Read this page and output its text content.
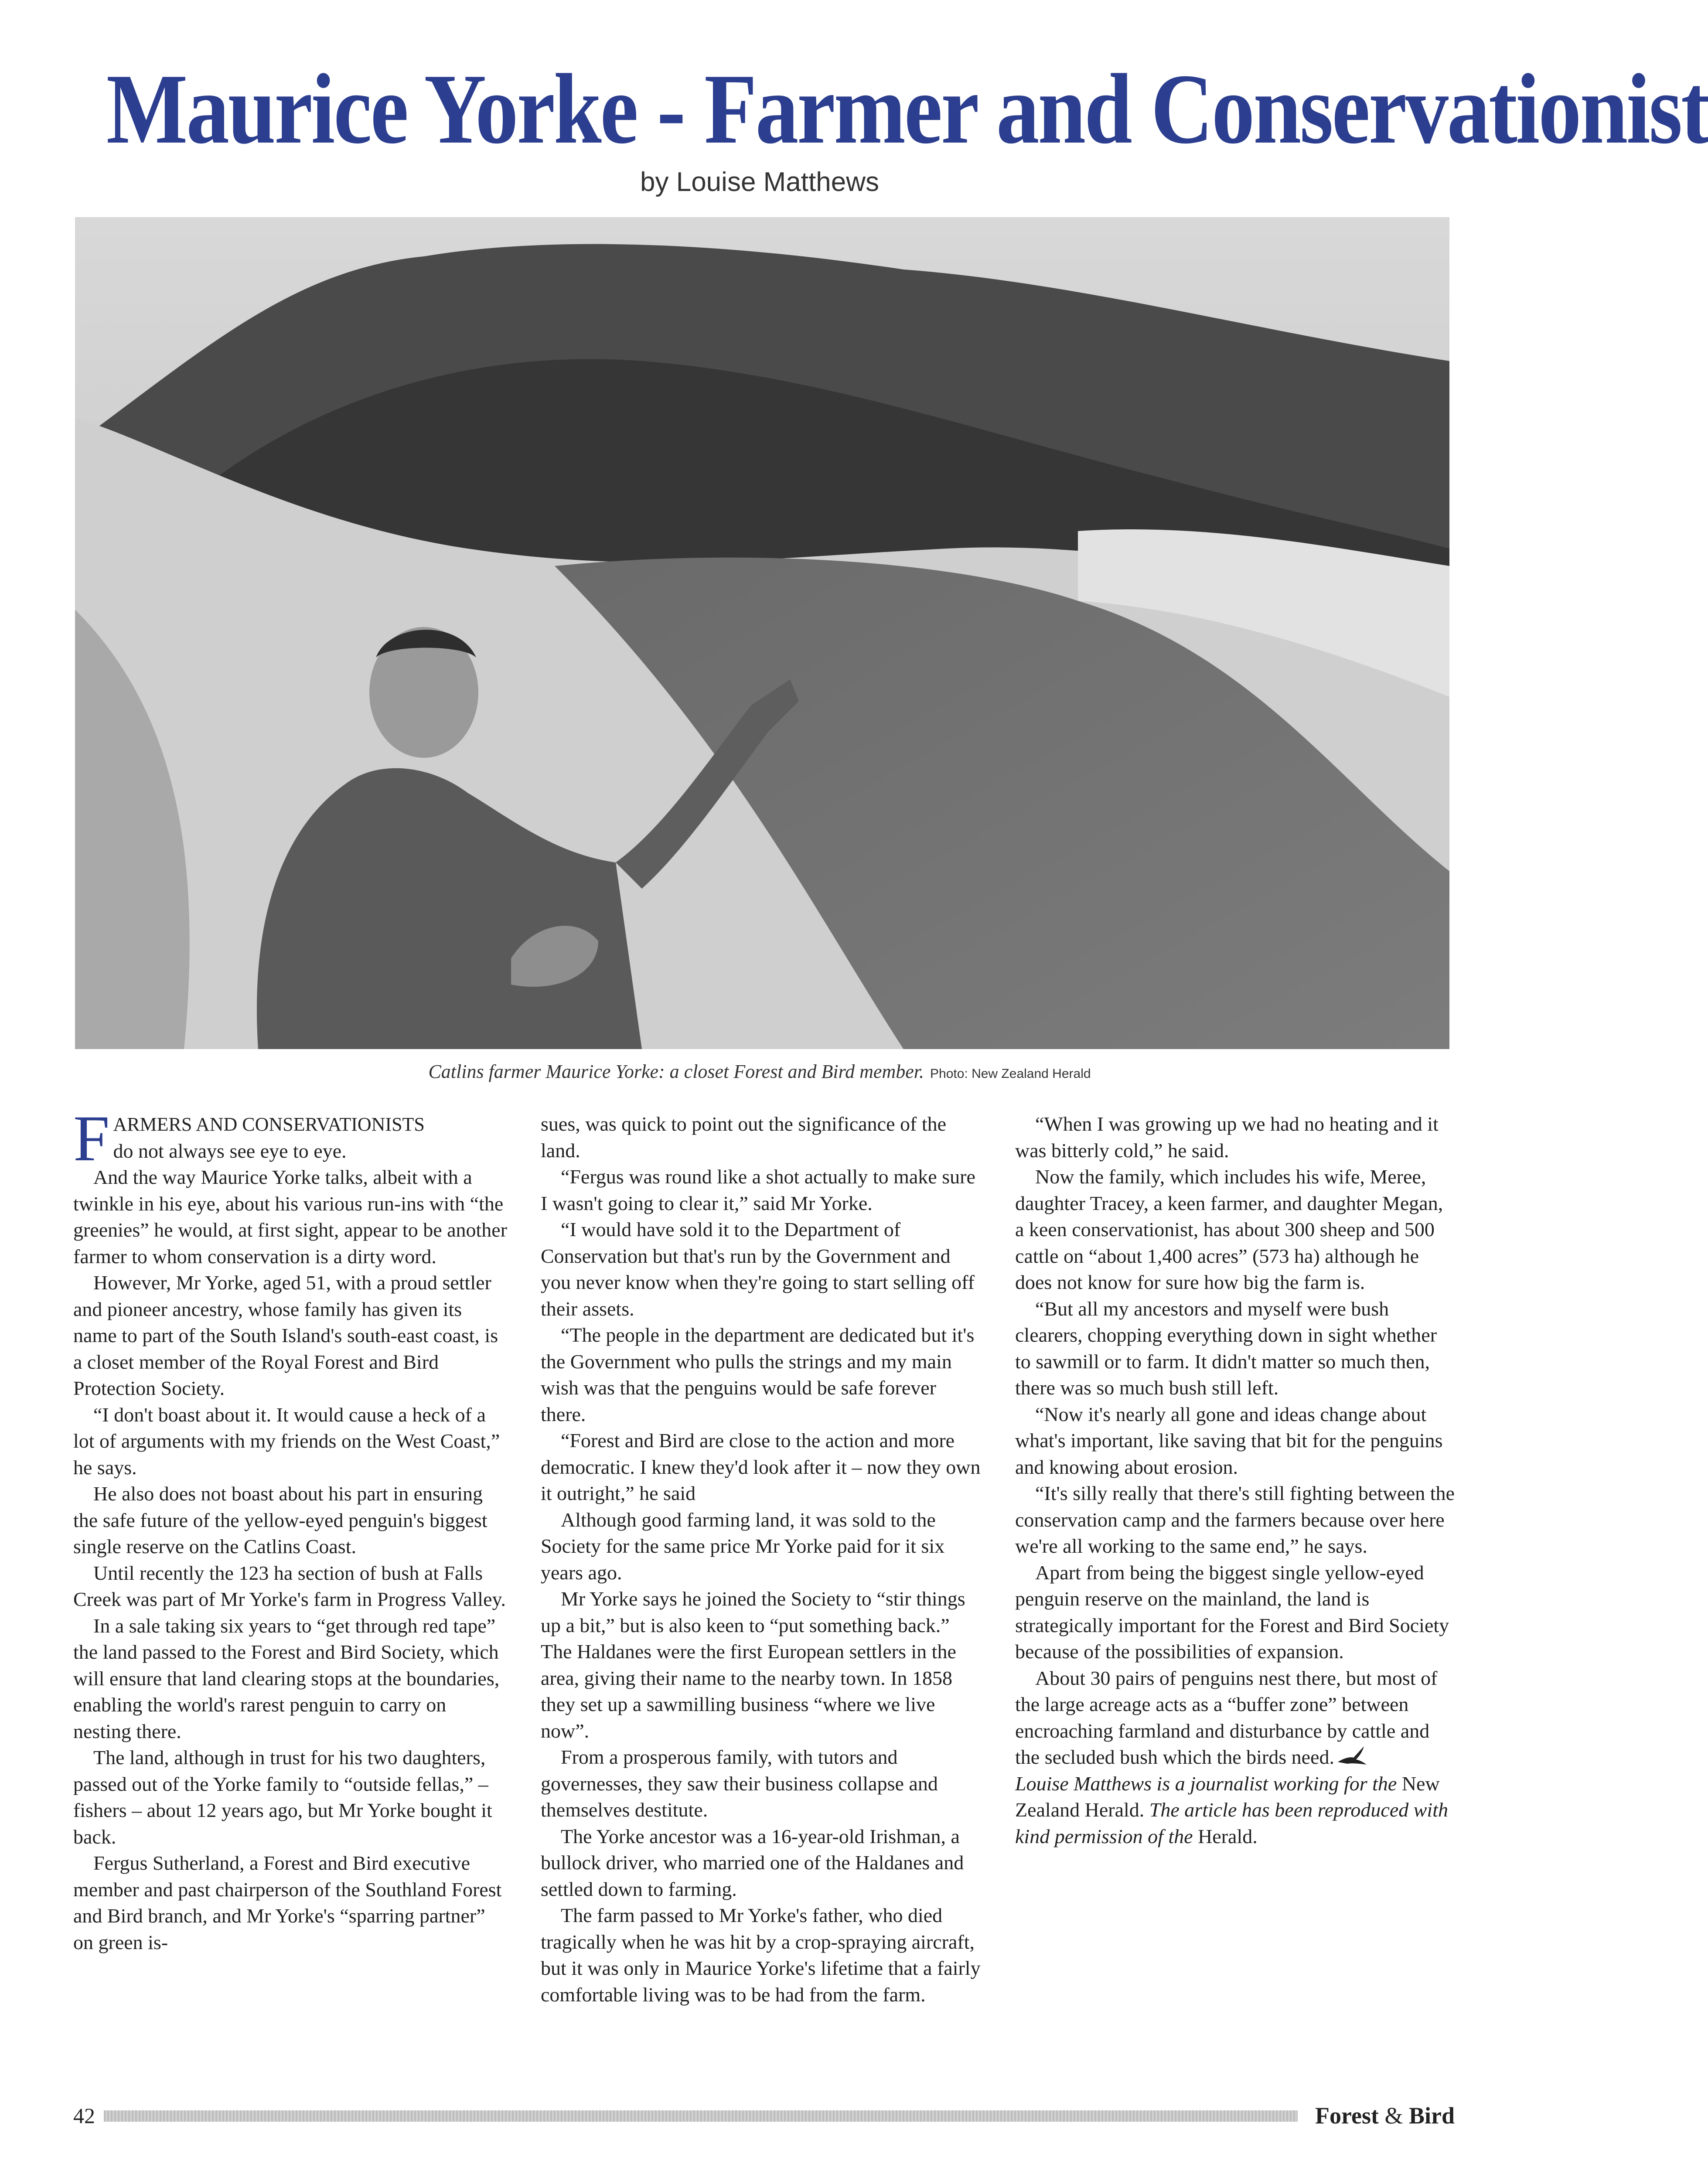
Maurice Yorke - Farmer and Conservationist
by Louise Matthews
Catlins farmer Maurice Yorke: a closet Forest and Bird member. Photo: New Zealand Herald

FARMERS AND CONSERVATIONISTS
do not always see eye to eye.

And the way Maurice Yorke talks, albeit with a twinkle in his eye, about his various run-ins with “the greenies” he would, at first sight, appear to be another farmer to whom conservation is a dirty word.

However, Mr Yorke, aged 51, with a proud settler and pioneer ancestry, whose family has given its name to part of the South Island's south-east coast, is a closet member of the Royal Forest and Bird Protection Society.

“I don't boast about it. It would cause a heck of a lot of arguments with my friends on the West Coast,” he says.

He also does not boast about his part in ensuring the safe future of the yellow-eyed penguin's biggest single reserve on the Catlins Coast.

Until recently the 123 ha section of bush at Falls Creek was part of Mr Yorke's farm in Progress Valley.

In a sale taking six years to “get through red tape” the land passed to the Forest and Bird Society, which will ensure that land clearing stops at the boundaries, enabling the world's rarest penguin to carry on nesting there.

The land, although in trust for his two daughters, passed out of the Yorke family to “outside fellas,” – fishers – about 12 years ago, but Mr Yorke bought it back.

Fergus Sutherland, a Forest and Bird executive member and past chairperson of the Southland Forest and Bird branch, and Mr Yorke's “sparring partner” on green is-

sues, was quick to point out the significance of the land.

“Fergus was round like a shot actually to make sure I wasn't going to clear it,” said Mr Yorke.

“I would have sold it to the Department of Conservation but that's run by the Government and you never know when they're going to start selling off their assets.

“The people in the department are dedicated but it's the Government who pulls the strings and my main wish was that the penguins would be safe forever there.

“Forest and Bird are close to the action and more democratic. I knew they'd look after it – now they own it outright,” he said

Although good farming land, it was sold to the Society for the same price Mr Yorke paid for it six years ago.

Mr Yorke says he joined the Society to “stir things up a bit,” but is also keen to “put something back.”

The Haldanes were the first European settlers in the area, giving their name to the nearby town. In 1858 they set up a sawmilling business “where we live now”.

From a prosperous family, with tutors and governesses, they saw their business collapse and themselves destitute.

The Yorke ancestor was a 16-year-old Irishman, a bullock driver, who married one of the Haldanes and settled down to farming.

The farm passed to Mr Yorke's father, who died tragically when he was hit by a crop-spraying aircraft, but it was only in Maurice Yorke's lifetime that a fairly comfortable living was to be had from the farm.

“When I was growing up we had no heating and it was bitterly cold,” he said.

Now the family, which includes his wife, Meree, daughter Tracey, a keen farmer, and daughter Megan, a keen conservationist, has about 300 sheep and 500 cattle on “about 1,400 acres” (573 ha) although he does not know for sure how big the farm is.

“But all my ancestors and myself were bush clearers, chopping everything down in sight whether to sawmill or to farm. It didn't matter so much then, there was so much bush still left.

“Now it's nearly all gone and ideas change about what's important, like saving that bit for the penguins and knowing about erosion.

“It's silly really that there's still fighting between the conservation camp and the farmers because over here we're all working to the same end,” he says.

Apart from being the biggest single yellow-eyed penguin reserve on the mainland, the land is strategically important for the Forest and Bird Society because of the possibilities of expansion.

About 30 pairs of penguins nest there, but most of the large acreage acts as a “buffer zone” between encroaching farmland and disturbance by cattle and the secluded bush which the birds need.

Louise Matthews is a journalist working for the New Zealand Herald. The article has been reproduced with kind permission of the Herald.

42	Forest & Bird
